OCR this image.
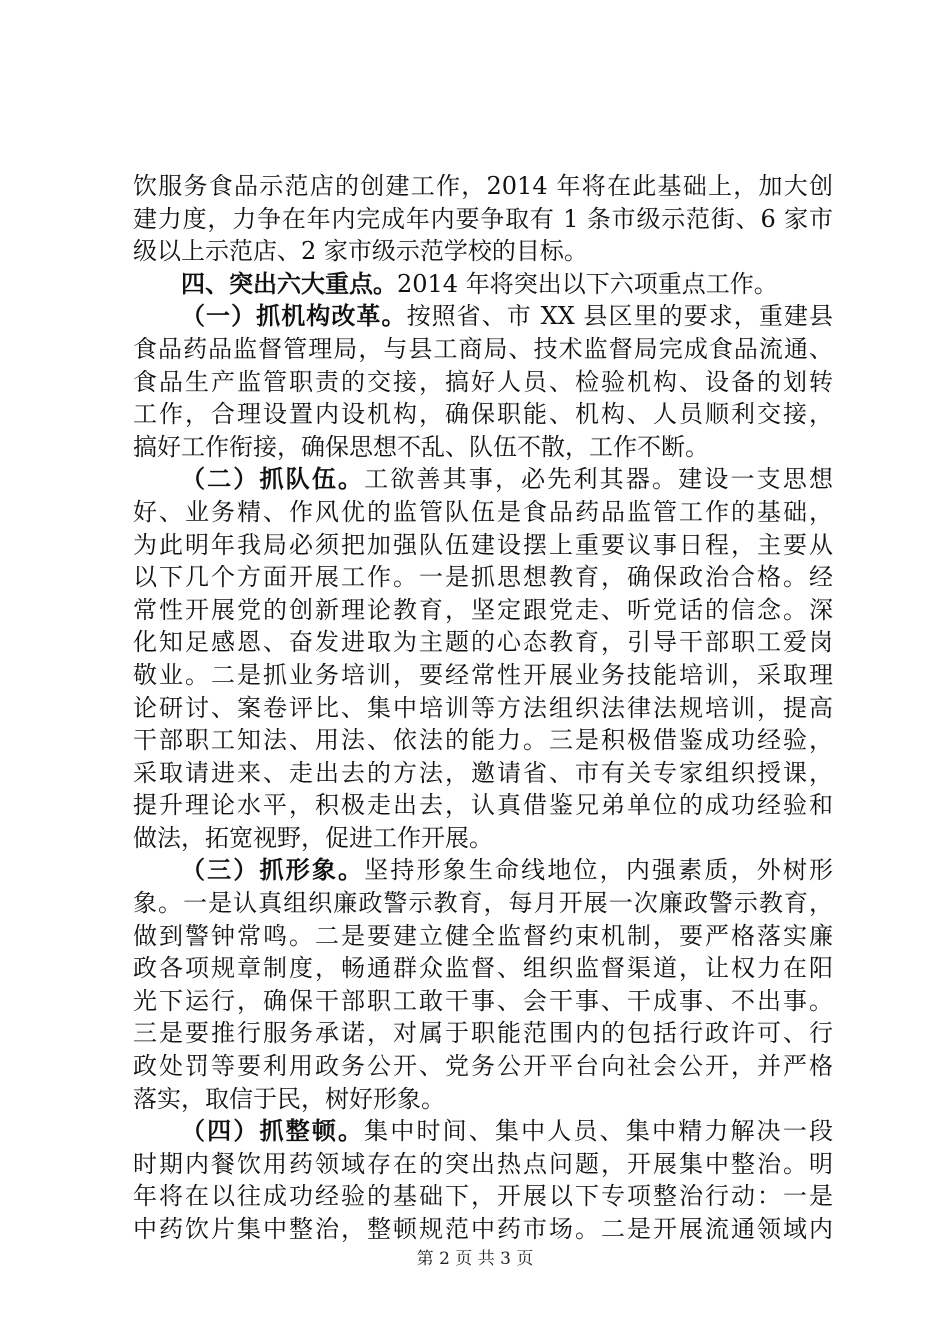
饮服务食品示范店的创建工作，2014 年将在此基础上，加大创
建力度，力争在年内完成年内要争取有 1 条市级示范街、6 家市
级以上示范店、2 家市级示范学校的目标。
四、突出六大重点。2014 年将突出以下六项重点工作。
（一）抓机构改革。按照省、市 XX 县区里的要求，重建县
食品药品监督管理局，与县工商局、技术监督局完成食品流通、
食品生产监管职责的交接，搞好人员、检验机构、设备的划转
工作，合理设置内设机构，确保职能、机构、人员顺利交接，
搞好工作衔接，确保思想不乱、队伍不散，工作不断。
（二）抓队伍。工欲善其事，必先利其器。建设一支思想
好、业务精、作风优的监管队伍是食品药品监管工作的基础，
为此明年我局必须把加强队伍建设摆上重要议事日程，主要从
以下几个方面开展工作。一是抓思想教育，确保政治合格。经
常性开展党的创新理论教育，坚定跟党走、听党话的信念。深
化知足感恩、奋发进取为主题的心态教育，引导干部职工爱岗
敬业。二是抓业务培训，要经常性开展业务技能培训，采取理
论研讨、案卷评比、集中培训等方法组织法律法规培训，提高
干部职工知法、用法、依法的能力。三是积极借鉴成功经验，
采取请进来、走出去的方法，邀请省、市有关专家组织授课，
提升理论水平，积极走出去，认真借鉴兄弟单位的成功经验和
做法，拓宽视野，促进工作开展。
（三）抓形象。坚持形象生命线地位，内强素质，外树形
象。一是认真组织廉政警示教育，每月开展一次廉政警示教育，
做到警钟常鸣。二是要建立健全监督约束机制，要严格落实廉
政各项规章制度，畅通群众监督、组织监督渠道，让权力在阳
光下运行，确保干部职工敢干事、会干事、干成事、不出事。
三是要推行服务承诺，对属于职能范围内的包括行政许可、行
政处罚等要利用政务公开、党务公开平台向社会公开，并严格
落实，取信于民，树好形象。
（四）抓整顿。集中时间、集中人员、集中精力解决一段
时期内餐饮用药领域存在的突出热点问题，开展集中整治。明
年将在以往成功经验的基础下，开展以下专项整治行动：一是
中药饮片集中整治，整顿规范中药市场。二是开展流通领域内
第 2 页 共 3 页
